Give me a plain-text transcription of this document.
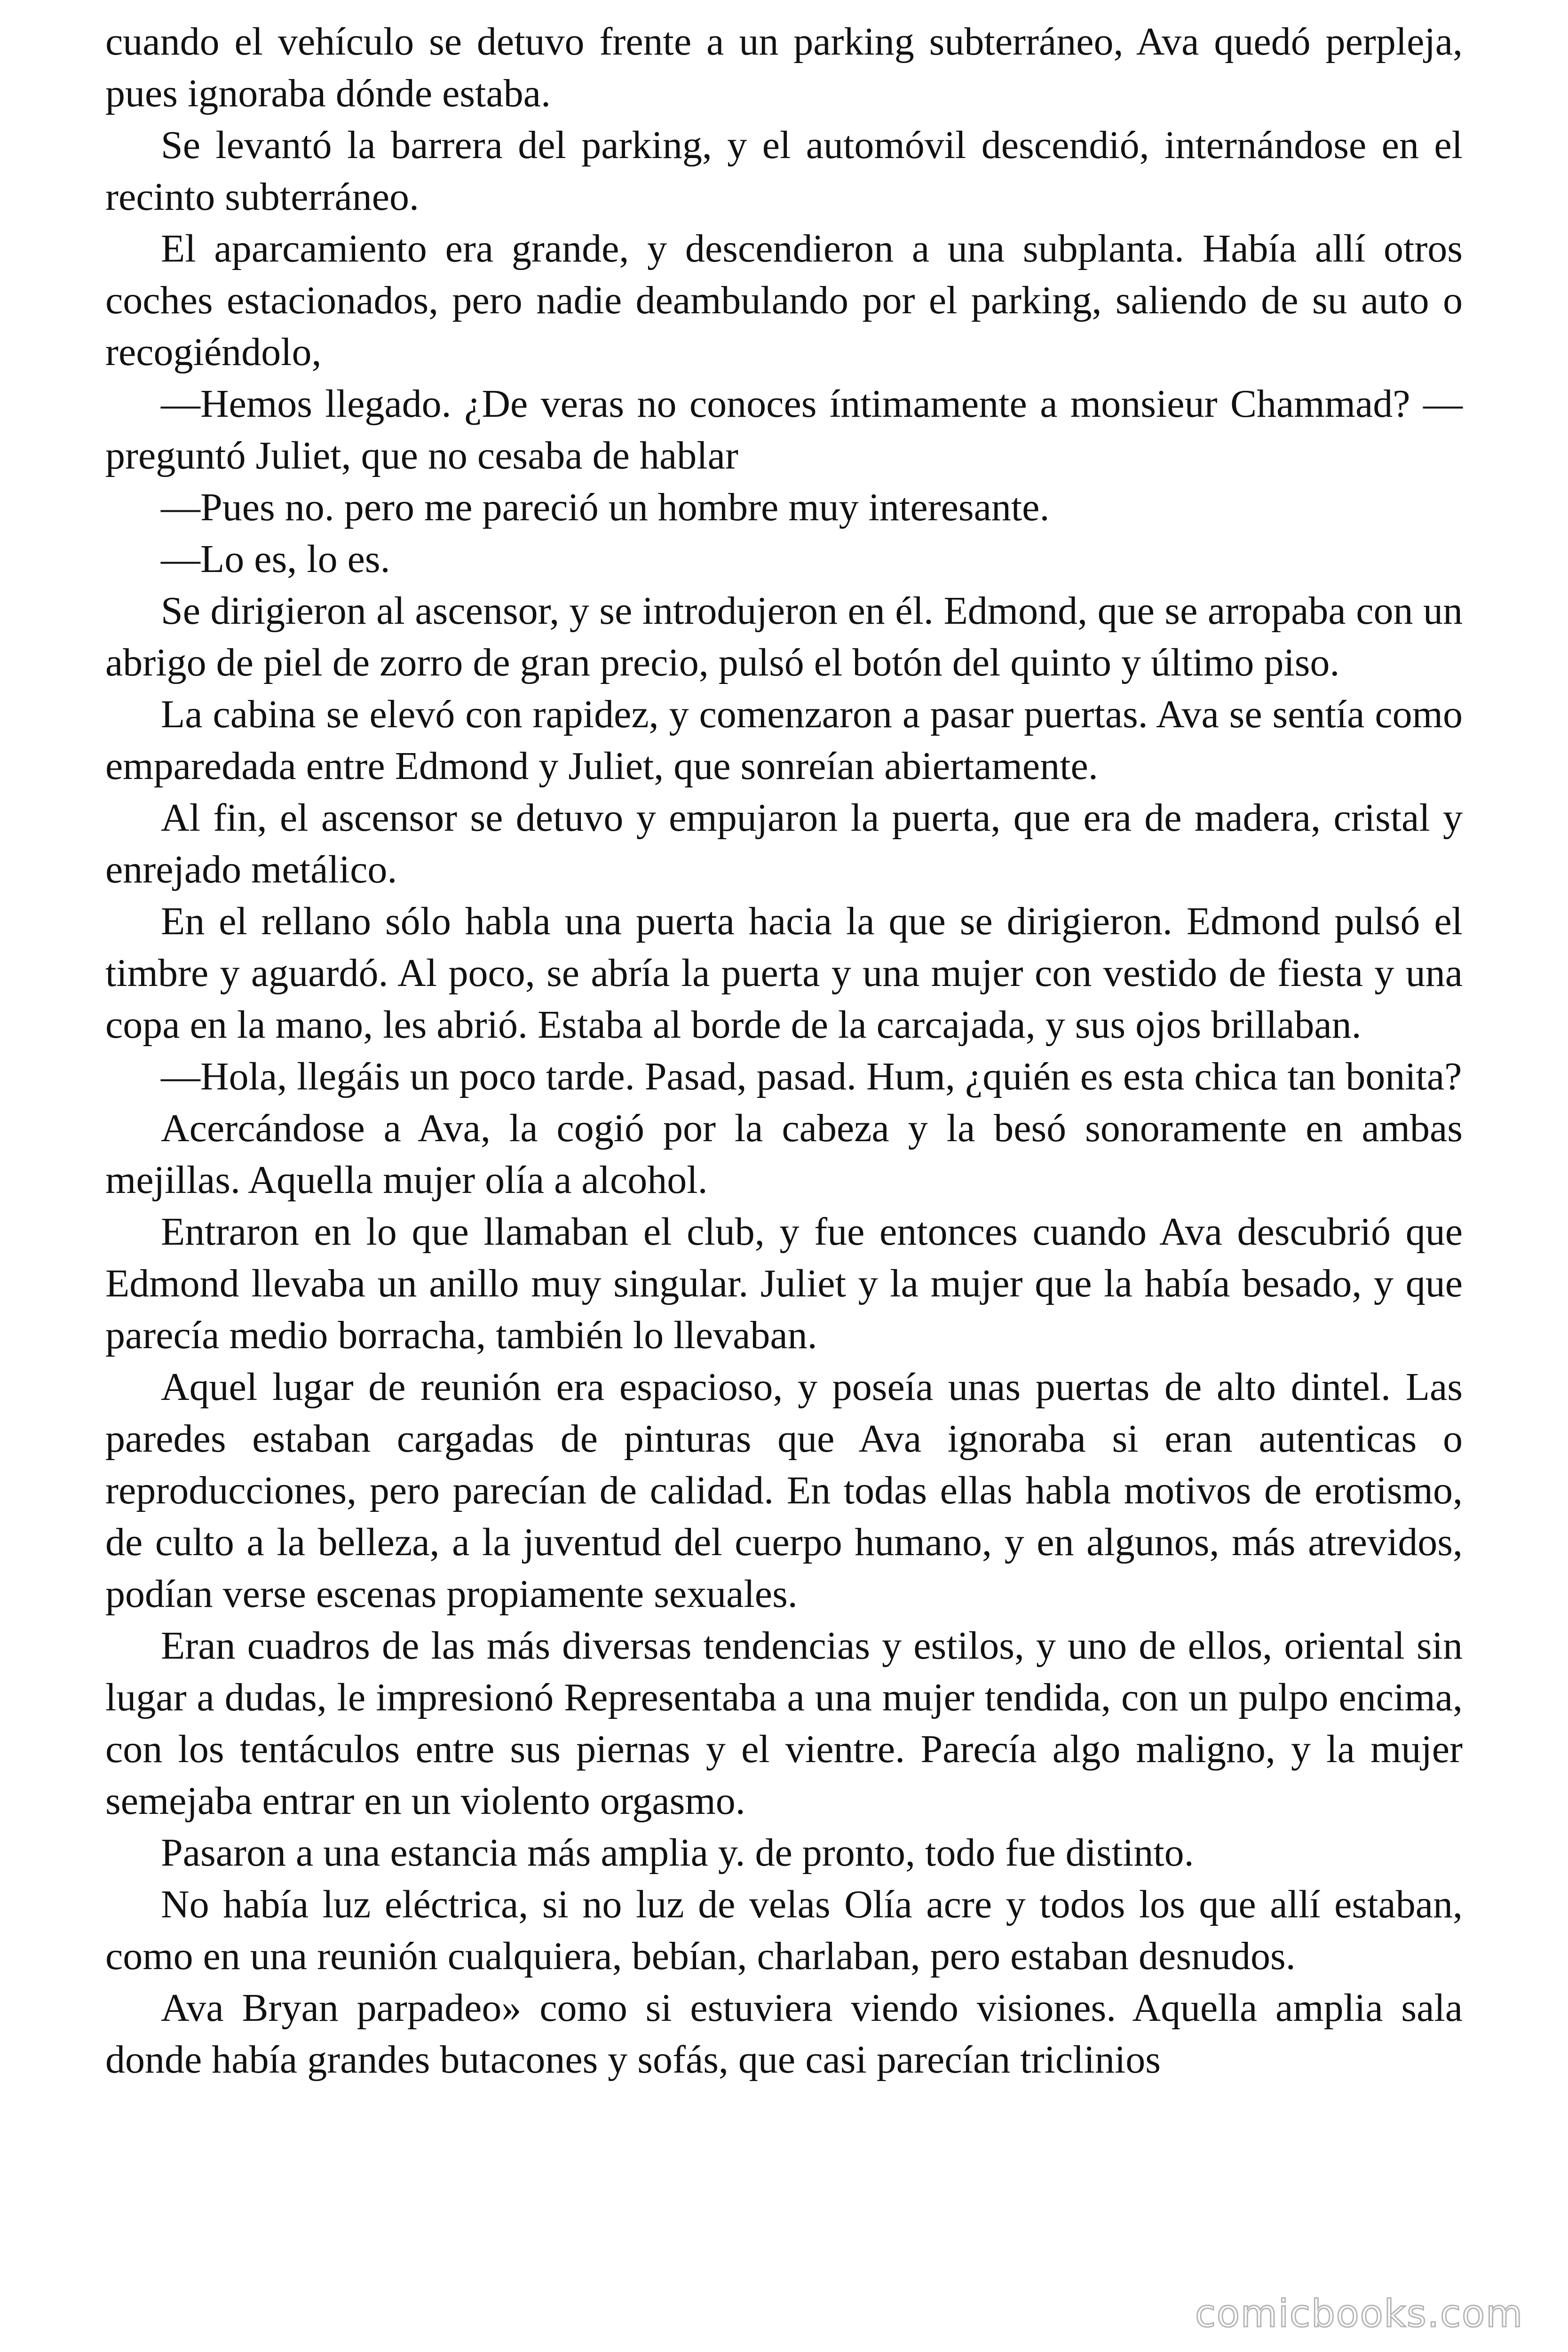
cuando el vehículo se detuvo frente a un parking subterráneo, Ava quedó perpleja, pues ignoraba dónde estaba.

Se levantó la barrera del parking, y el automóvil descendió, internándose en el recinto subterráneo.

El aparcamiento era grande, y descendieron a una subplanta. Había allí otros coches estacionados, pero nadie deambulando por el parking, saliendo de su auto o recogiéndolo,

—Hemos llegado. ¿De veras no conoces íntimamente a monsieur Chammad? —preguntó Juliet, que no cesaba de hablar

—Pues no. pero me pareció un hombre muy interesante.

—Lo es, lo es.

Se dirigieron al ascensor, y se introdujeron en él. Edmond, que se arropaba con un abrigo de piel de zorro de gran precio, pulsó el botón del quinto y último piso.

La cabina se elevó con rapidez, y comenzaron a pasar puertas. Ava se sentía como emparedada entre Edmond y Juliet, que sonreían abiertamente.

Al fin, el ascensor se detuvo y empujaron la puerta, que era de madera, cristal y enrejado metálico.

En el rellano sólo habla una puerta hacia la que se dirigieron. Edmond pulsó el timbre y aguardó. Al poco, se abría la puerta y una mujer con vestido de fiesta y una copa en la mano, les abrió. Estaba al borde de la carcajada, y sus ojos brillaban.

—Hola, llegáis un poco tarde. Pasad, pasad. Hum, ¿quién es esta chica tan bonita?

Acercándose a Ava, la cogió por la cabeza y la besó sonoramente en ambas mejillas. Aquella mujer olía a alcohol.

Entraron en lo que llamaban el club, y fue entonces cuando Ava descubrió que Edmond llevaba un anillo muy singular. Juliet y la mujer que la había besado, y que parecía medio borracha, también lo llevaban.

Aquel lugar de reunión era espacioso, y poseía unas puertas de alto dintel. Las paredes estaban cargadas de pinturas que Ava ignoraba si eran autenticas o reproducciones, pero parecían de calidad. En todas ellas habla motivos de erotismo, de culto a la belleza, a la juventud del cuerpo humano, y en algunos, más atrevidos, podían verse escenas propiamente sexuales.

Eran cuadros de las más diversas tendencias y estilos, y uno de ellos, oriental sin lugar a dudas, le impresionó Representaba a una mujer tendida, con un pulpo encima, con los tentáculos entre sus piernas y el vientre. Parecía algo maligno, y la mujer semejaba entrar en un violento orgasmo.

Pasaron a una estancia más amplia y. de pronto, todo fue distinto.

No había luz eléctrica, si no luz de velas Olía acre y todos los que allí estaban, como en una reunión cualquiera, bebían, charlaban, pero estaban desnudos.

Ava Bryan parpadeo» como si estuviera viendo visiones. Aquella amplia sala donde había grandes butacones y sofás, que casi parecían triclinios

comicbooks.com
